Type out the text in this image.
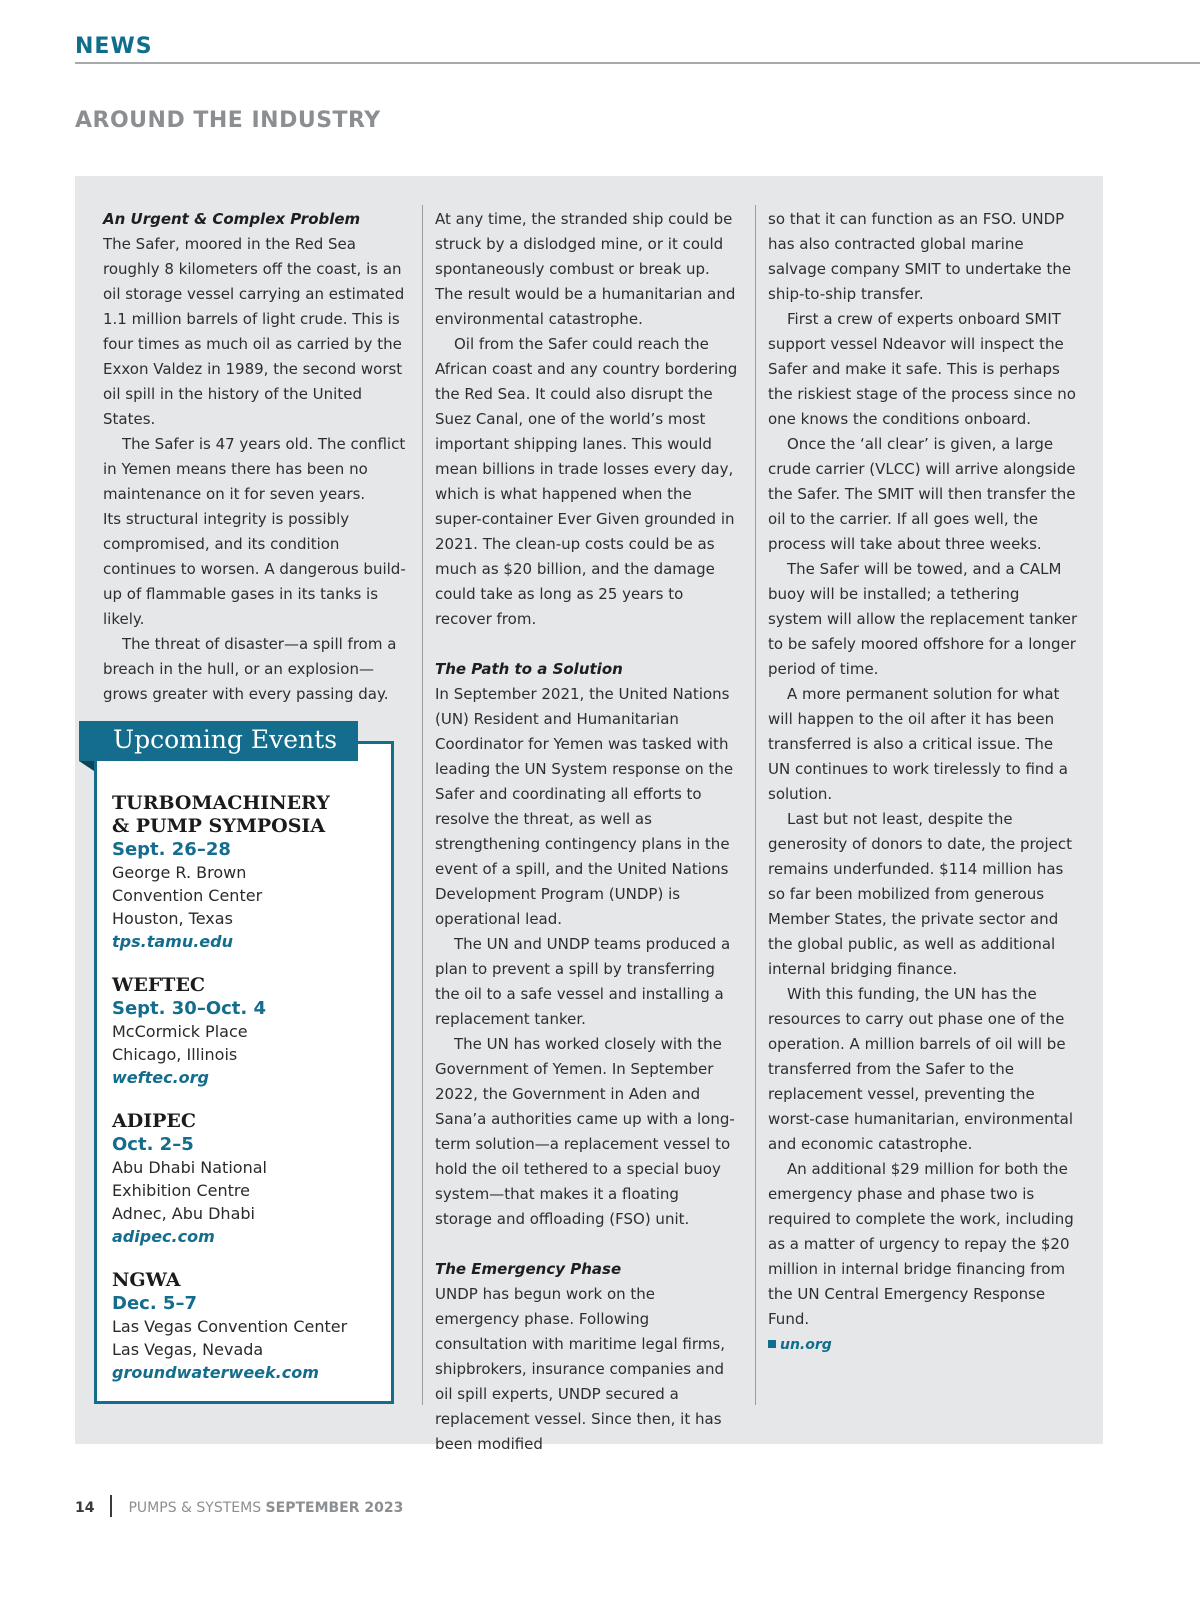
NEWS
AROUND THE INDUSTRY
An Urgent & Complex Problem

The Safer, moored in the Red Sea roughly 8 kilometers off the coast, is an oil storage vessel carrying an estimated 1.1 million barrels of light crude. This is four times as much oil as carried by the Exxon Valdez in 1989, the second worst oil spill in the history of the United States.

The Safer is 47 years old. The conflict in Yemen means there has been no maintenance on it for seven years.

Its structural integrity is possibly compromised, and its condition continues to worsen. A dangerous build-up of flammable gases in its tanks is likely.

The threat of disaster—a spill from a breach in the hull, or an explosion—grows greater with every passing day.

At any time, the stranded ship could be struck by a dislodged mine, or it could spontaneously combust or break up. The result would be a humanitarian and environmental catastrophe.

Oil from the Safer could reach the African coast and any country bordering the Red Sea. It could also disrupt the Suez Canal, one of the world’s most important shipping lanes. This would mean billions in trade losses every day, which is what happened when the super-container Ever Given grounded in 2021. The clean-up costs could be as much as $20 billion, and the damage could take as long as 25 years to recover from.

The Path to a Solution

In September 2021, the United Nations (UN) Resident and Humanitarian Coordinator for Yemen was tasked with leading the UN System response on the Safer and coordinating all efforts to resolve the threat, as well as strengthening contingency plans in the event of a spill, and the United Nations Development Program (UNDP) is operational lead.

The UN and UNDP teams produced a plan to prevent a spill by transferring the oil to a safe vessel and installing a replacement tanker.

The UN has worked closely with the Government of Yemen. In September 2022, the Government in Aden and Sana’a authorities came up with a long-term solution—a replacement vessel to hold the oil tethered to a special buoy system—that makes it a floating storage and offloading (FSO) unit.

The Emergency Phase

UNDP has begun work on the emergency phase. Following consultation with maritime legal firms, shipbrokers, insurance companies and oil spill experts, UNDP secured a replacement vessel. Since then, it has been modified

so that it can function as an FSO. UNDP has also contracted global marine salvage company SMIT to undertake the ship-to-ship transfer.

First a crew of experts onboard SMIT support vessel Ndeavor will inspect the Safer and make it safe. This is perhaps the riskiest stage of the process since no one knows the conditions onboard.

Once the ‘all clear’ is given, a large crude carrier (VLCC) will arrive alongside the Safer. The SMIT will then transfer the oil to the carrier. If all goes well, the process will take about three weeks.

The Safer will be towed, and a CALM buoy will be installed; a tethering system will allow the replacement tanker to be safely moored offshore for a longer period of time.

A more permanent solution for what will happen to the oil after it has been transferred is also a critical issue. The UN continues to work tirelessly to find a solution.

Last but not least, despite the generosity of donors to date, the project remains underfunded. $114 million has so far been mobilized from generous Member States, the private sector and the global public, as well as additional internal bridging finance.

With this funding, the UN has the resources to carry out phase one of the operation. A million barrels of oil will be transferred from the Safer to the replacement vessel, preventing the worst-case humanitarian, environmental and economic catastrophe.

An additional $29 million for both the emergency phase and phase two is required to complete the work, including as a matter of urgency to repay the $20 million in internal bridge financing from the UN Central Emergency Response Fund.

un.org

Upcoming Events
TURBOMACHINERY
& PUMP SYMPOSIA
Sept. 26–28
George R. Brown
Convention Center
Houston, Texas
tps.tamu.edu
WEFTEC
Sept. 30–Oct. 4
McCormick Place
Chicago, Illinois
weftec.org
ADIPEC
Oct. 2–5
Abu Dhabi National
Exhibition Centre
Adnec, Abu Dhabi
adipec.com
NGWA
Dec. 5–7
Las Vegas Convention Center
Las Vegas, Nevada
groundwaterweek.com
14 PUMPS & SYSTEMS SEPTEMBER 2023
